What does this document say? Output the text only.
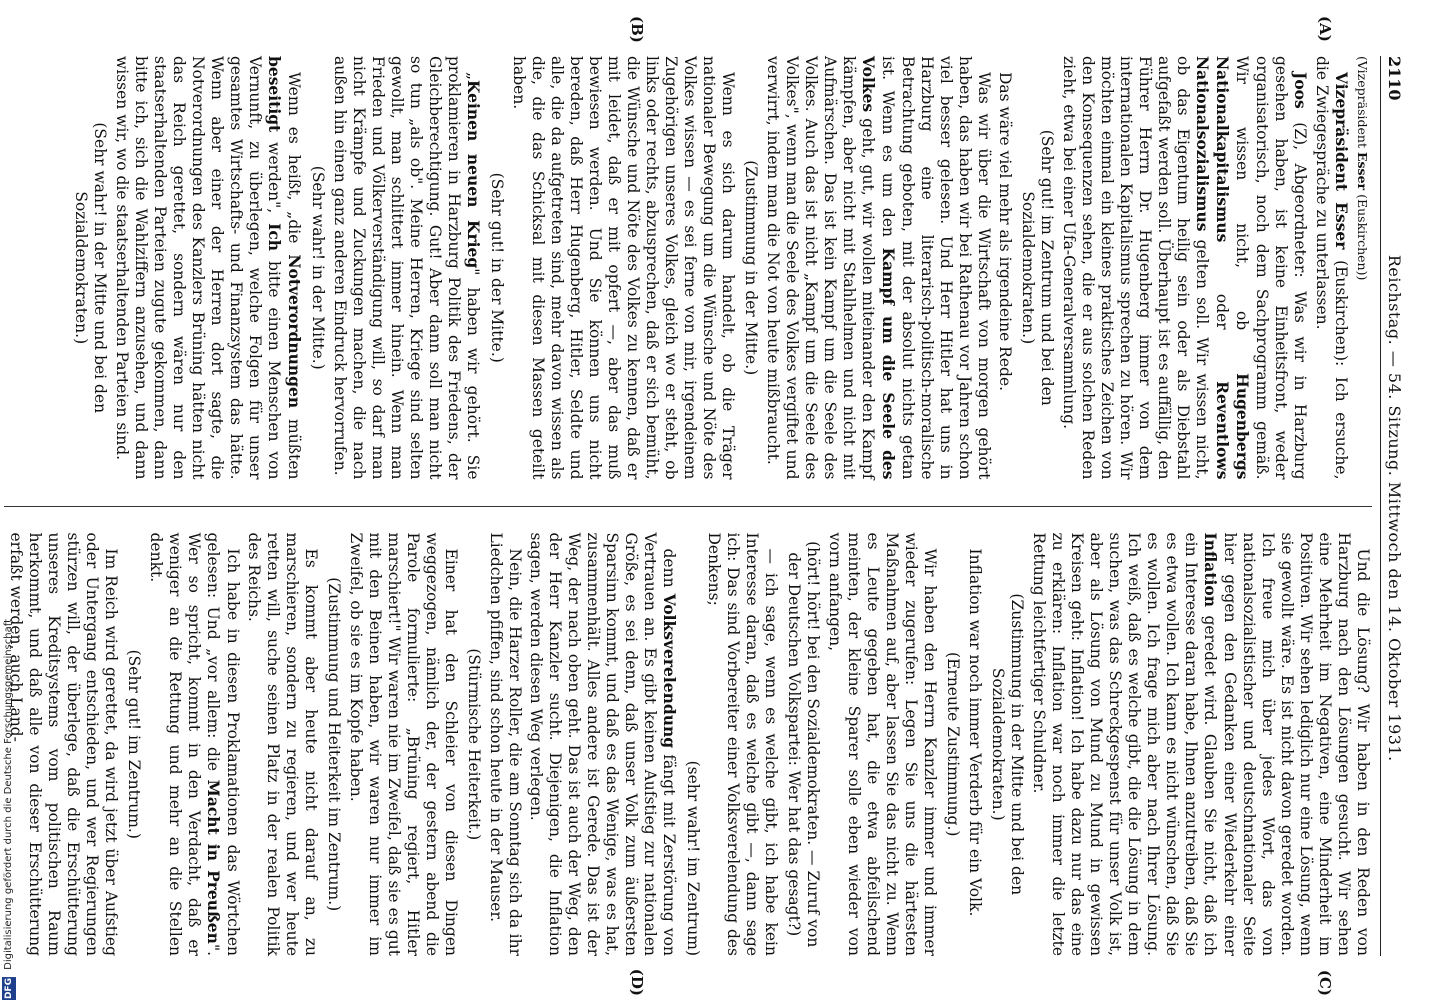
DFG Digitalisierung gefördert durch die Deutsche Forschungsgemeinschaft
2110
Reichstag. — 54. Sitzung. Mittwoch den 14. Oktober 1931.
(A)
(B)

(Vizepräsident Esser (Euskirchen))

Vizepräsident Esser (Euskirchen): Ich ersuche, die Zwiegespräche zu unterlassen.

Joos (Z), Abgeordneter: Was wir in Harzburg gesehen haben, ist keine Einheitsfront, weder organisatorisch, noch dem Sachprogramm gemäß. Wir wissen nicht, ob Hugenbergs Nationalkapitalismus oder Reventlows Nationalsozialismus gelten soll. Wir wissen nicht, ob das Eigentum heilig sein oder als Diebstahl aufgefaßt werden soll. Überhaupt ist es auffällig, den Führer Herrn Dr. Hugenberg immer von dem internationalen Kapitalismus sprechen zu hören. Wir möchten einmal ein kleines praktisches Zeichen von den Konsequenzen sehen, die er aus solchen Reden zieht, etwa bei einer Ufa-Generalversammlung.

(Sehr gut! im Zentrum und bei den Sozialdemokraten.)

Das wäre viel mehr als irgendeine Rede.

Was wir über die Wirtschaft von morgen gehört haben, das haben wir bei Rathenau vor Jahren schon viel besser gelesen. Und Herr Hitler hat uns in Harzburg eine literarisch-politisch-moralische Betrachtung geboten, mit der absolut nichts getan ist. Wenn es um den Kampf um die Seele des Volkes geht, gut, wir wollen miteinander den Kampf kämpfen, aber nicht mit Stahlhelmen und nicht mit Aufmärschen. Das ist kein Kampf um die Seele des Volkes. Auch das ist nicht „Kampf um die Seele des Volkes", wenn man die Seele des Volkes vergiftet und verwirrt, indem man die Not von heute mißbraucht.

(Zustimmung in der Mitte.)

Wenn es sich darum handelt, ob die Träger nationaler Bewegung um die Wünsche und Nöte des Volkes wissen — es sei ferne von mir, irgendeinem Zugehörigen unseres Volkes, gleich wo er steht, ob links oder rechts, abzusprechen, daß er sich bemüht, die Wünsche und Nöte des Volkes zu kennen, daß er mit leidet, daß er mit opfert —, aber das muß bewiesen werden. Und Sie können uns nicht bereden, daß Herr Hugenberg, Hitler, Seldte und alle, die da aufgetreten sind, mehr davon wissen als die, die das Schicksal mit diesen Massen geteilt haben.

(Sehr gut! in der Mitte.)

„Keinen neuen Krieg" haben wir gehört. Sie proklamieren in Harzburg Politik des Friedens, der Gleichberechtigung. Gut! Aber dann soll man nicht so tun „als ob". Meine Herren, Kriege sind selten gewollt, man schlittert immer hinein. Wenn man Frieden und Völkerverständigung will, so darf man nicht Krämpfe und Zuckungen machen, die nach außen hin einen ganz anderen Eindruck hervorrufen.

(Sehr wahr! in der Mitte.)

Wenn es heißt, „die Notverordnungen müßten beseitigt werden", Ich bitte einen Menschen von Vernunft, zu überlegen, welche Folgen für unser gesamtes Wirtschafts- und Finanzsystem das hätte. Wenn aber einer der Herren dort sagte, die Notverordnungen des Kanzlers Brüning hätten nicht das Reich gerettet, sondern wären nur den staatserhaltenden Parteien zugute gekommen, dann bitte ich, sich die Wahlziffern anzusehen, und dann wissen wir, wo die staatserhaltenden Parteien sind.

(Sehr wahr! in der Mitte und bei den Sozialdemokraten.)

(C)
(D)

Und die Lösung? Wir haben in den Reden von Harzburg nach den Lösungen gesucht. Wir sehen eine Mehrheit im Negativen, eine Minderheit im Positiven. Wir sehen lediglich nur eine Lösung, wenn sie gewollt wäre. Es ist nicht davon geredet worden. Ich freue mich über jedes Wort, das von nationalsozialistischer und deutschnationaler Seite hier gegen den Gedanken einer Wiederkehr einer Inflation geredet wird. Glauben Sie nicht, daß ich ein Interesse daran habe, Ihnen anzutreiben, daß Sie es etwa wollen. Ich kann es nicht wünschen, daß Sie es wollen. Ich frage mich aber nach Ihrer Lösung. Ich weiß, daß es welche gibt, die die Lösung in dem suchen, was das Schreckgespenst für unser Volk ist, aber als Lösung von Mund zu Mund in gewissen Kreisen geht: Inflation! Ich habe dazu nur das eine zu erklären: Inflation war noch immer die letzte Rettung leichtfertiger Schuldner.

(Zustimmung in der Mitte und bei den Sozialdemokraten.)

Inflation war noch immer Verderb für ein Volk.

(Erneute Zustimmung.)

Wir haben den Herrn Kanzler immer und immer wieder zugerufen: Legen Sie uns die härtesten Maßnahmen auf, aber lassen Sie das nicht zu. Wenn es Leute gegeben hat, die etwa abfeilschend meinten, der kleine Sparer solle eben wieder von vorn anfangen,

(hört! hört! bei den Sozialdemokraten. — Zuruf von der Deutschen Volkspartei: Wer hat das gesagt?)

— ich sage, wenn es welche gibt, ich habe kein Interesse daran, daß es welche gibt —, dann sage ich: Das sind Vorbereiter einer Volksverelendung des Denkens;

(sehr wahr! im Zentrum)

denn Volksverelendung fängt mit Zerstörung von Vertrauen an. Es gibt keinen Aufstieg zur nationalen Größe, es sei denn, daß unser Volk zum äußersten Sparsinn kommt, und daß es das Wenige, was es hat, zusammenhält. Alles andere ist Gerede. Das ist der Weg, der nach oben geht. Das ist auch der Weg, den der Herr Kanzler sucht. Diejenigen, die Inflation sagen, werden diesen Weg verlegen.

Nein, die Harzer Roller, die am Sonntag sich da ihr Liedchen pfiffen, sind schon heute in der Mauser.

(Stürmische Heiterkeit.)

Einer hat den Schleier von diesen Dingen weggezogen, nämlich der, der gestern abend die Parole formulierte: „Brüning regiert, Hitler marschiert!" Wir waren nie im Zweifel, daß sie es gut mit den Beinen haben, wir waren nur immer im Zweifel, ob sie es im Kopfe haben.

(Zustimmung und Heiterkeit im Zentrum.)

Es kommt aber heute nicht darauf an, zu marschieren, sondern zu regieren, und wer heute retten will, suche seinen Platz in der realen Politik des Reichs.

Ich habe in diesen Proklamationen das Wörtchen gelesen: Und „vor allem: die Macht in Preußen". Wer so spricht, kommt in den Verdacht, daß er weniger an die Rettung und mehr an die Stellen denkt.

(Sehr gut! im Zentrum.)

Im Reich wird gerettet, da wird jetzt über Aufstieg oder Untergang entschieden, und wer Regierungen stürzen will, der überlege, daß die Erschütterung unseres Kreditsystems vom politischen Raum herkommt, und daß alle von dieser Erschütterung erfaßt werden, auch Land-
